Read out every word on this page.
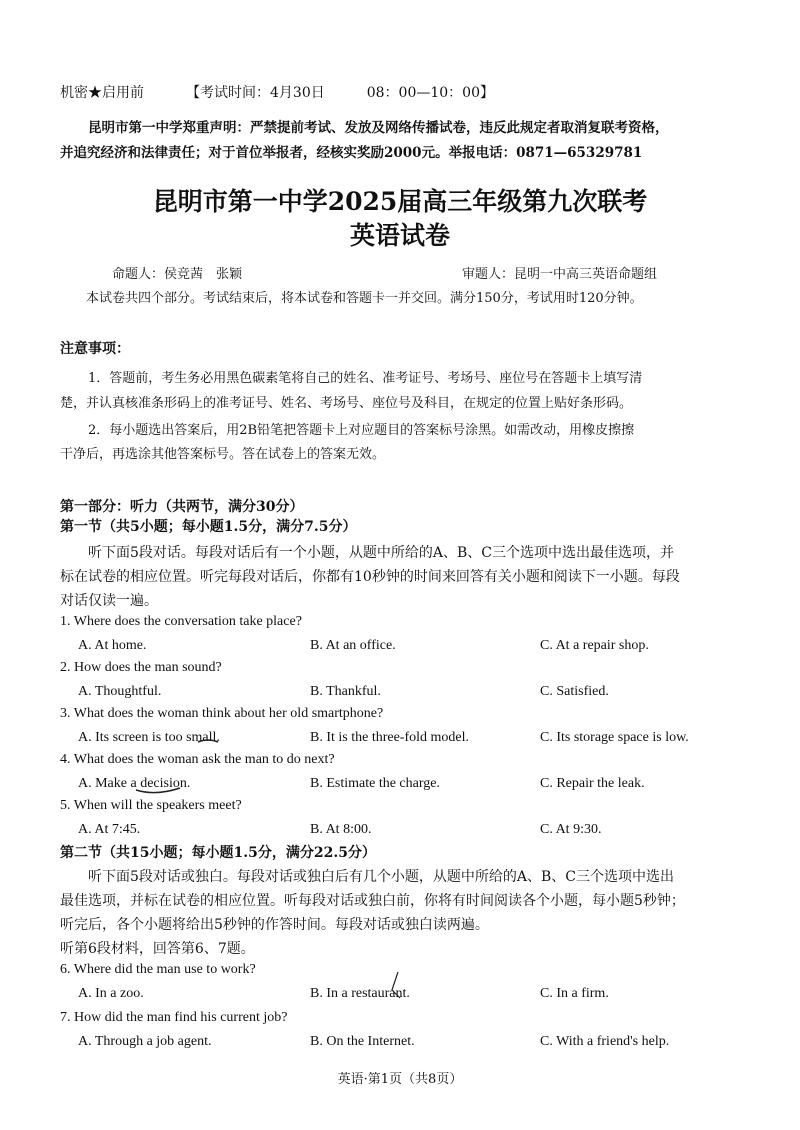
机密★启用前	【考试时间：4月30日　　　08：00—10：00】
昆明市第一中学郑重声明：严禁提前考试、发放及网络传播试卷，违反此规定者取消复联考资格，
并追究经济和法律责任；对于首位举报者，经核实奖励2000元。举报电话：0871—65329781
昆明市第一中学2025届高三年级第九次联考
英语试卷
命题人：侯竞茜　张颖	审题人：昆明一中高三英语命题组
本试卷共四个部分。考试结束后，将本试卷和答题卡一并交回。满分150分，考试用时120分钟。
注意事项：
1．答题前，考生务必用黑色碳素笔将自己的姓名、准考证号、考场号、座位号在答题卡上填写清
楚，并认真核准条形码上的准考证号、姓名、考场号、座位号及科目，在规定的位置上贴好条形码。
2．每小题选出答案后，用2B铅笔把答题卡上对应题目的答案标号涂黑。如需改动，用橡皮擦擦
干净后，再选涂其他答案标号。答在试卷上的答案无效。
第一部分：听力（共两节，满分30分）
第一节（共5小题；每小题1.5分，满分7.5分）
听下面5段对话。每段对话后有一个小题，从题中所给的A、B、C三个选项中选出最佳选项，并
标在试卷的相应位置。听完每段对话后，你都有10秒钟的时间来回答有关小题和阅读下一小题。每段
对话仅读一遍。
1. Where does the conversation take place?
A. At home.	B. At an office.	C. At a repair shop.
2. How does the man sound?
A. Thoughtful.	B. Thankful.	C. Satisfied.
3. What does the woman think about her old smartphone?
A. Its screen is too small.	B. It is the three-fold model.	C. Its storage space is low.
4. What does the woman ask the man to do next?
A. Make a decision.	B. Estimate the charge.	C. Repair the leak.
5. When will the speakers meet?
A. At 7:45.	B. At 8:00.	C. At 9:30.
第二节（共15小题；每小题1.5分，满分22.5分）
听下面5段对话或独白。每段对话或独白后有几个小题，从题中所给的A、B、C三个选项中选出
最佳选项，并标在试卷的相应位置。听每段对话或独白前，你将有时间阅读各个小题，每小题5秒钟；
听完后，各个小题将给出5秒钟的作答时间。每段对话或独白读两遍。
听第6段材料，回答第6、7题。
6. Where did the man use to work?
A. In a zoo.	B. In a restaurant.	C. In a firm.
7. How did the man find his current job?
A. Through a job agent.	B. On the Internet.	C. With a friend's help.
英语·第1页（共8页）
